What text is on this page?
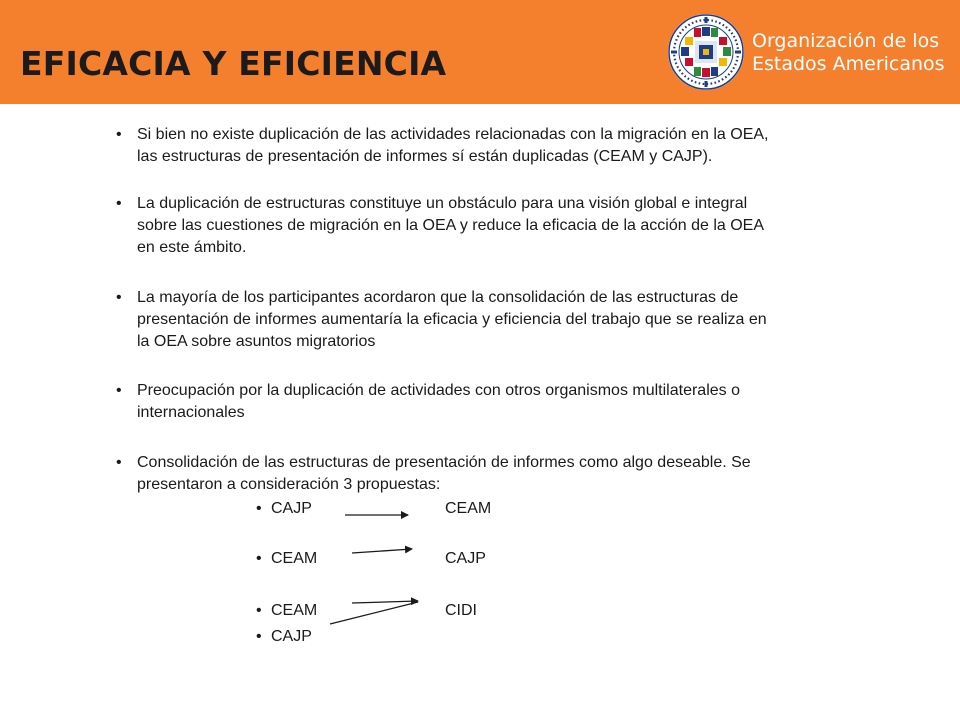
EFICACIA Y EFICIENCIA
Organización de los
Estados Americanos
• Si bien no existe duplicación de las actividades relacionadas con la migración en la OEA,
las estructuras de presentación de informes sí están duplicadas (CEAM y CAJP).
• La duplicación de estructuras constituye un obstáculo para una visión global e integral
sobre las cuestiones de migración en la OEA y reduce la eficacia de la acción de la OEA
en este ámbito.
• La mayoría de los participantes acordaron que la consolidación de las estructuras de
presentación de informes aumentaría la eficacia y eficiencia del trabajo que se realiza en
la OEA sobre asuntos migratorios
• Preocupación por la duplicación de actividades con otros organismos multilaterales o
internacionales
• Consolidación de las estructuras de presentación de informes como algo deseable. Se
presentaron a consideración 3 propuestas:
• CAJP	CEAM
• CEAM	CAJP
• CEAM	CIDI
• CAJP
